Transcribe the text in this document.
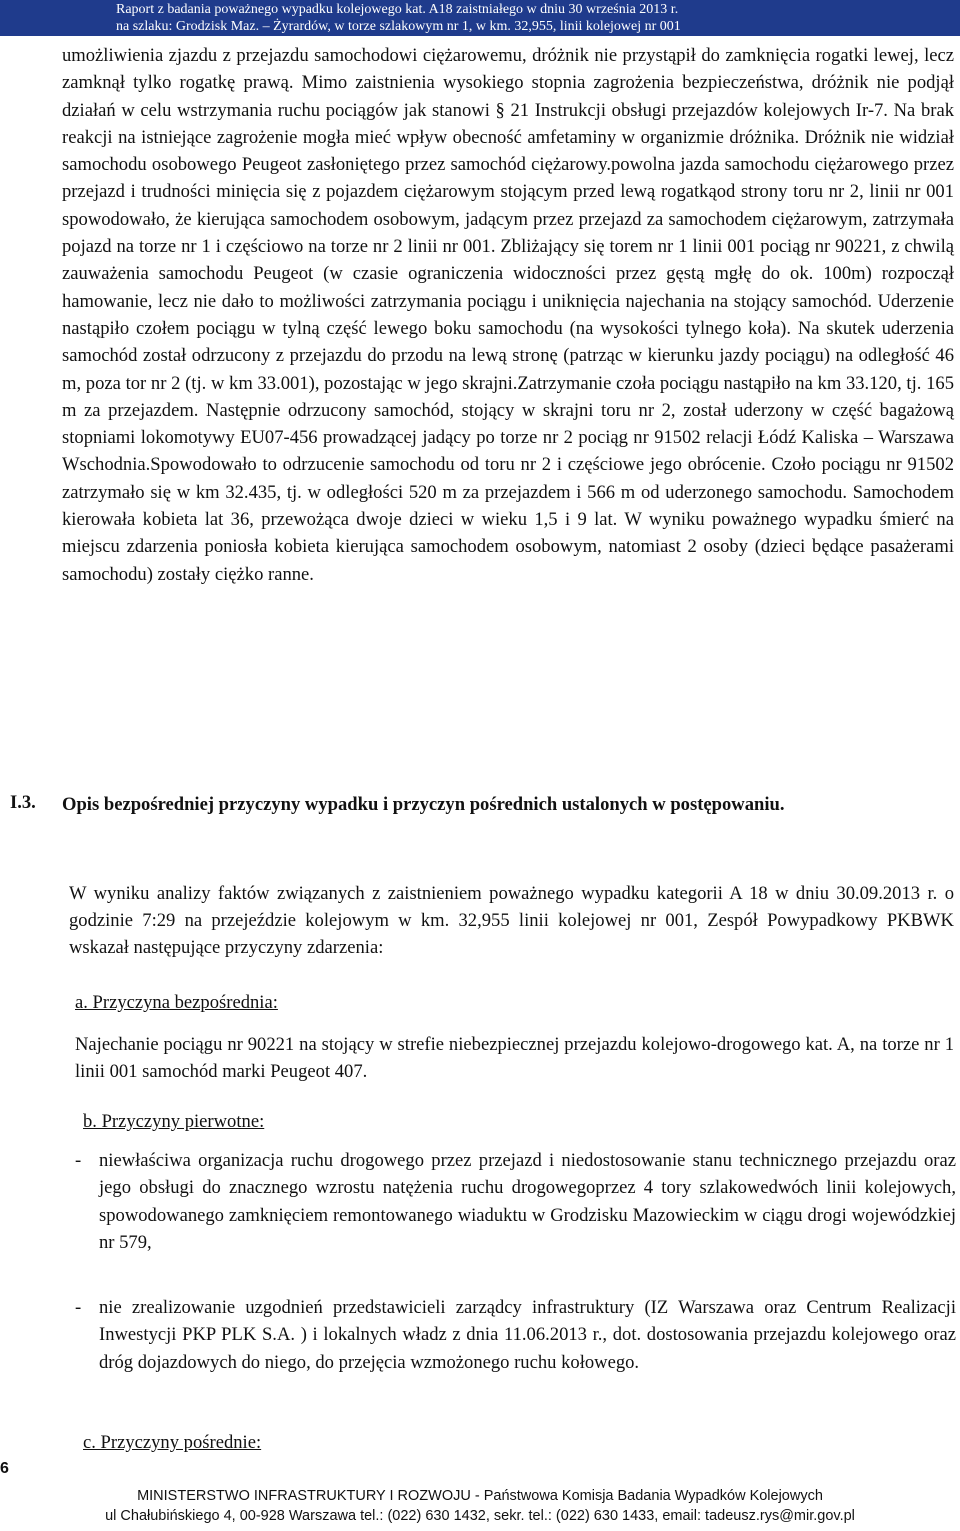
Raport z badania poważnego wypadku kolejowego kat. A18 zaistniałego w dniu 30 września 2013 r.
na szlaku: Grodzisk Maz. – Żyrardów, w torze szlakowym nr 1, w km. 32,955, linii kolejowej nr 001

umożliwienia zjazdu z przejazdu samochodowi ciężarowemu, dróżnik nie przystąpił do zamknięcia rogatki lewej, lecz zamknął tylko rogatkę prawą. Mimo zaistnienia wysokiego stopnia zagrożenia bezpieczeństwa, dróżnik nie podjął działań w celu wstrzymania ruchu pociągów jak stanowi § 21 Instrukcji obsługi przejazdów kolejowych Ir-7. Na brak reakcji na istniejące zagrożenie mogła mieć wpływ obecność amfetaminy w organizmie dróżnika. Dróżnik nie widział samochodu osobowego Peugeot zasłoniętego przez samochód ciężarowy.powolna jazda samochodu ciężarowego przez przejazd i trudności minięcia się z pojazdem ciężarowym stojącym przed lewą rogatkąod strony toru nr 2, linii nr 001 spowodowało, że kierująca samochodem osobowym, jadącym przez przejazd za samochodem ciężarowym, zatrzymała pojazd na torze nr 1 i częściowo na torze nr 2 linii nr 001. Zbliżający się torem nr 1 linii 001 pociąg nr 90221, z chwilą zauważenia samochodu Peugeot (w czasie ograniczenia widoczności przez gęstą mgłę do ok. 100m) rozpoczął hamowanie, lecz nie dało to możliwości zatrzymania pociągu i uniknięcia najechania na stojący samochód. Uderzenie nastąpiło czołem pociągu w tylną część lewego boku samochodu (na wysokości tylnego koła). Na skutek uderzenia samochód został odrzucony z przejazdu do przodu na lewą stronę (patrząc w kierunku jazdy pociągu) na odległość 46 m, poza tor nr 2 (tj. w km 33.001), pozostając w jego skrajni.Zatrzymanie czoła pociągu nastąpiło na km 33.120, tj. 165 m za przejazdem. Następnie odrzucony samochód, stojący w skrajni toru nr 2, został uderzony w część bagażową stopniami lokomotywy EU07-456 prowadzącej jadący po torze nr 2 pociąg nr 91502 relacji Łódź Kaliska – Warszawa Wschodnia.Spowodowało to odrzucenie samochodu od toru nr 2 i częściowe jego obrócenie. Czoło pociągu nr 91502 zatrzymało się w km 32.435, tj. w odległości 520 m za przejazdem i 566 m od uderzonego samochodu. Samochodem kierowała kobieta lat 36, przewożąca dwoje dzieci w wieku 1,5 i 9 lat. W wyniku poważnego wypadku śmierć na miejscu zdarzenia poniosła kobieta kierująca samochodem osobowym, natomiast 2 osoby (dzieci będące pasażerami samochodu) zostały ciężko ranne.

I.3. Opis bezpośredniej przyczyny wypadku i przyczyn pośrednich ustalonych w postępowaniu.

W wyniku analizy faktów związanych z zaistnieniem poważnego wypadku kategorii A 18 w dniu 30.09.2013 r. o godzinie 7:29 na przejeździe kolejowym w km. 32,955 linii kolejowej nr 001, Zespół Powypadkowy PKBWK wskazał następujące przyczyny zdarzenia:

a. Przyczyna bezpośrednia:

Najechanie pociągu nr 90221 na stojący w strefie niebezpiecznej przejazdu kolejowo-drogowego kat. A, na torze nr 1 linii 001 samochód marki Peugeot 407.

b. Przyczyny pierwotne:
- niewłaściwa organizacja ruchu drogowego przez przejazd i niedostosowanie stanu technicznego przejazdu oraz jego obsługi do znacznego wzrostu natężenia ruchu drogowegoprzez 4 tory szlakowedwóch linii kolejowych, spowodowanego zamknięciem remontowanego wiaduktu w Grodzisku Mazowieckim w ciągu drogi wojewódzkiej nr 579,
- nie zrealizowanie uzgodnień przedstawicieli zarządcy infrastruktury (IZ Warszawa oraz Centrum Realizacji Inwestycji PKP PLK S.A. ) i lokalnych władz z dnia 11.06.2013 r., dot. dostosowania przejazdu kolejowego oraz dróg dojazdowych do niego, do przejęcia wzmożonego ruchu kołowego.
c. Przyczyny pośrednie:
6
MINISTERSTWO INFRASTRUKTURY I ROZWOJU - Państwowa Komisja Badania Wypadków Kolejowych
ul Chałubińskiego 4, 00-928 Warszawa tel.: (022) 630 1432, sekr. tel.: (022) 630 1433, email: tadeusz.rys@mir.gov.pl
